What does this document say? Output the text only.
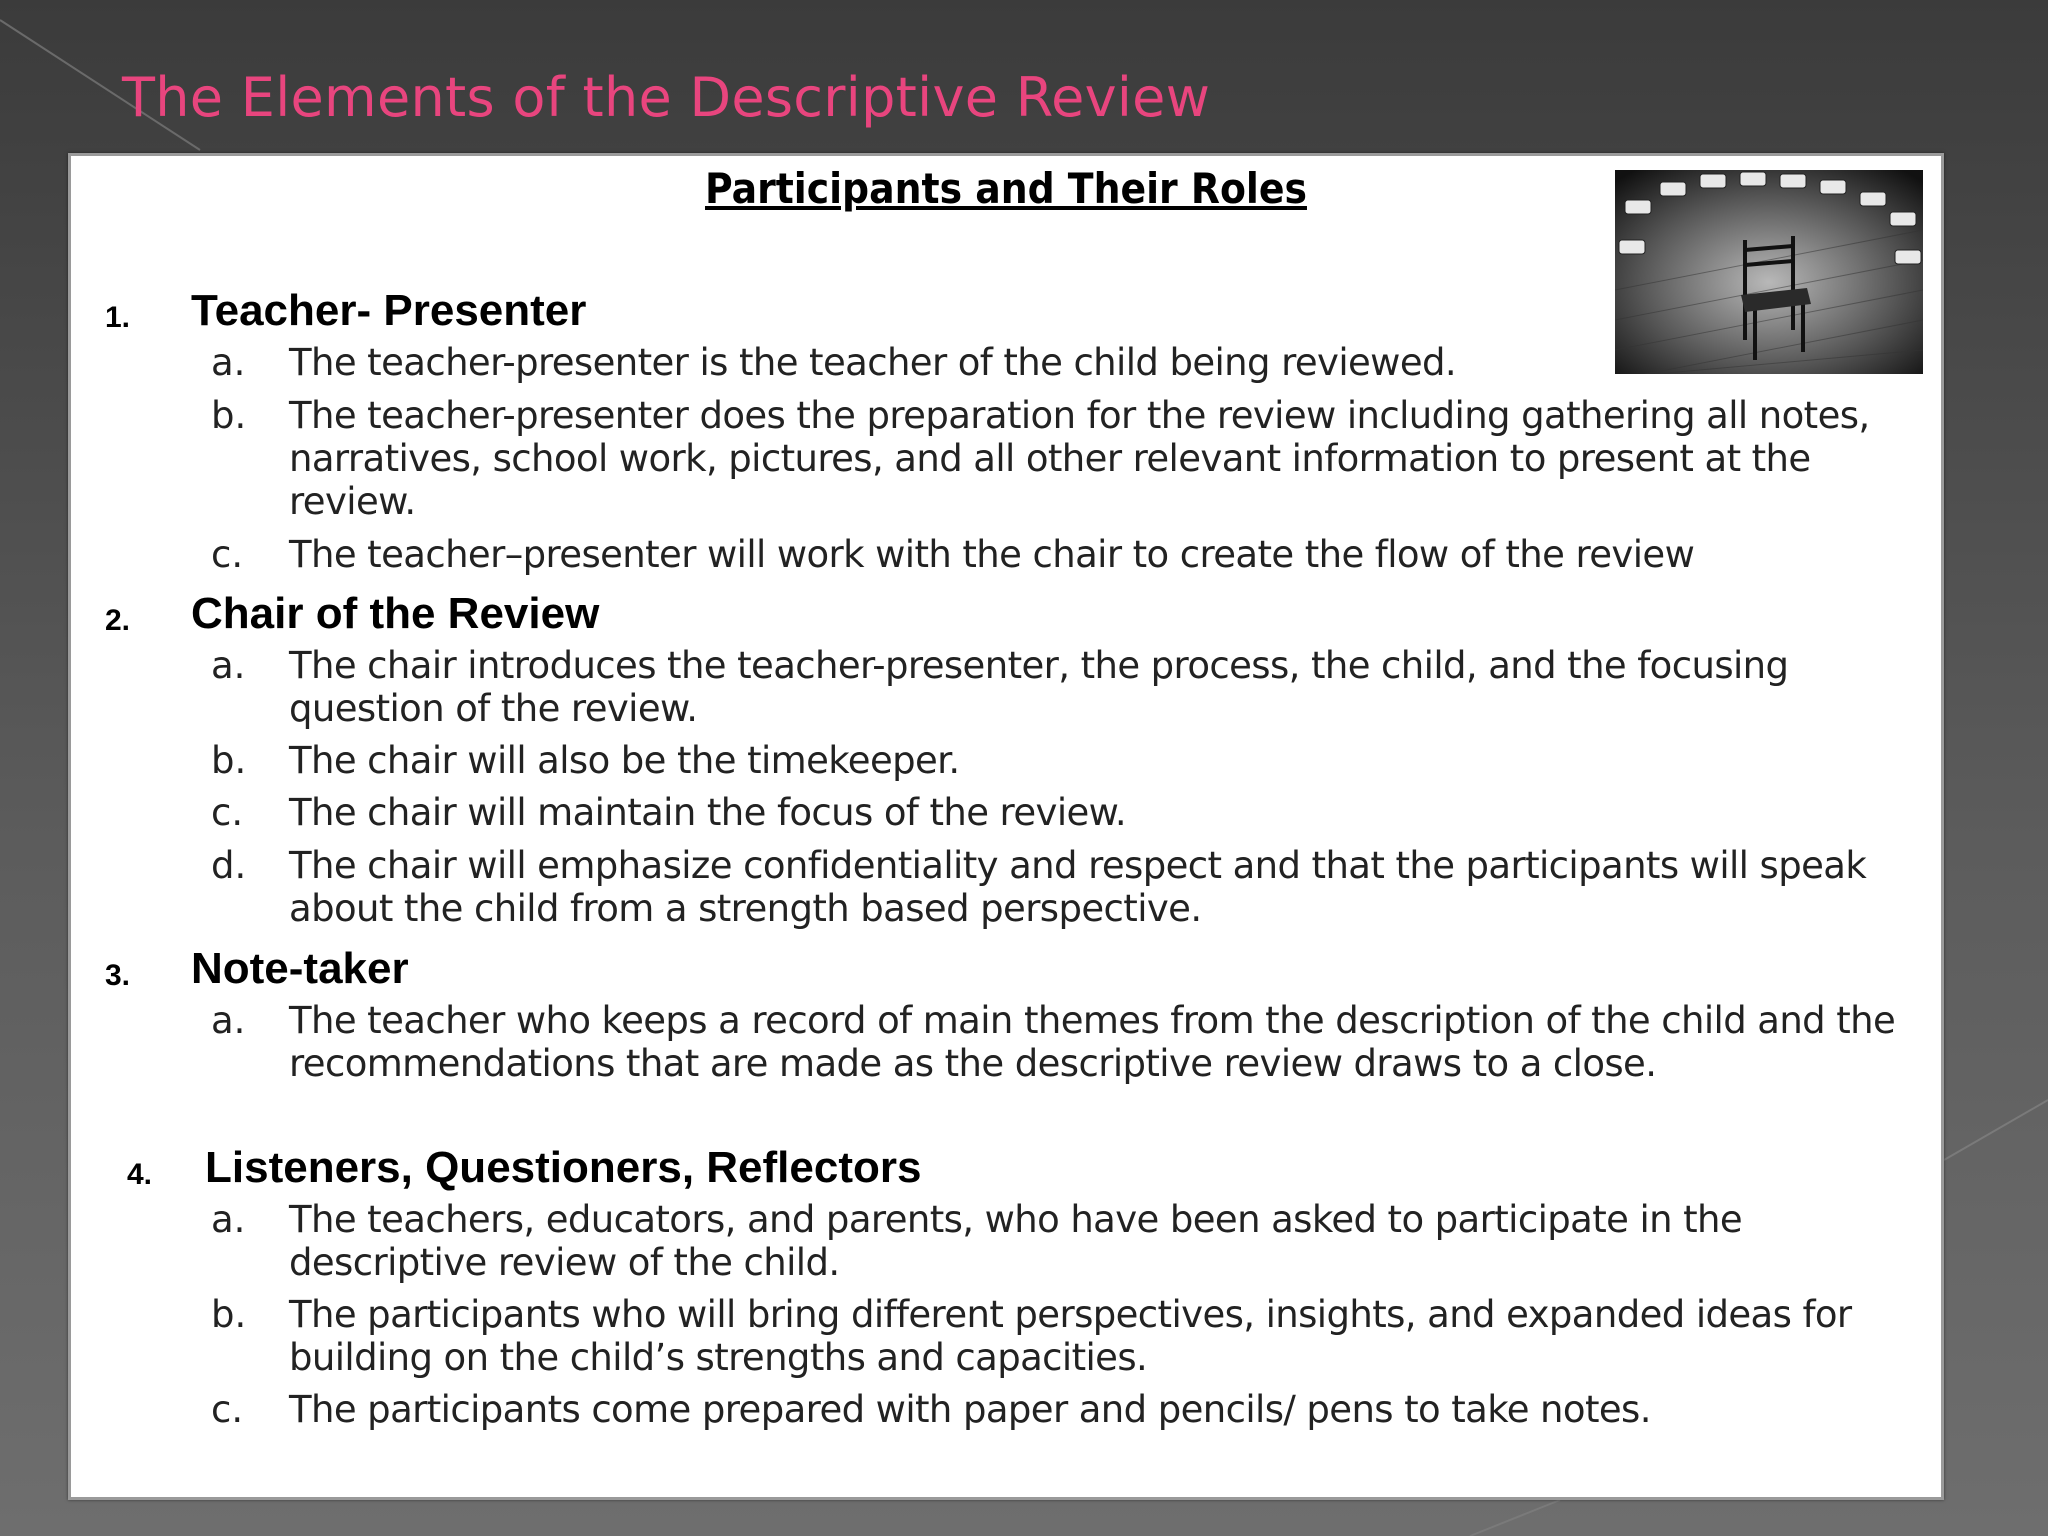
The Elements of the Descriptive Review
Participants and Their Roles
1. Teacher- Presenter
a. The teacher-presenter is the teacher of the child being reviewed.
b. The teacher-presenter does the preparation for the review including gathering all notes, narratives, school work, pictures, and all other relevant information to present at the review.
c. The teacher–presenter will work with the chair to create the flow of the review
2. Chair of the Review
a. The chair introduces the teacher-presenter, the process, the child, and the focusing question of the review.
b. The chair will also be the timekeeper.
c. The chair will maintain the focus of the review.
d. The chair will emphasize confidentiality and respect and that the participants will speak about the child from a strength based perspective.
3. Note-taker
a. The teacher who keeps a record of main themes from the description of the child and the recommendations that are made as the descriptive review draws to a close.
4. Listeners, Questioners, Reflectors
a. The teachers, educators, and parents, who have been asked to participate in the descriptive review of the child.
b. The participants who will bring different perspectives, insights, and expanded ideas for building on the child’s strengths and capacities.
c. The participants come prepared with paper and pencils/ pens to take notes.
